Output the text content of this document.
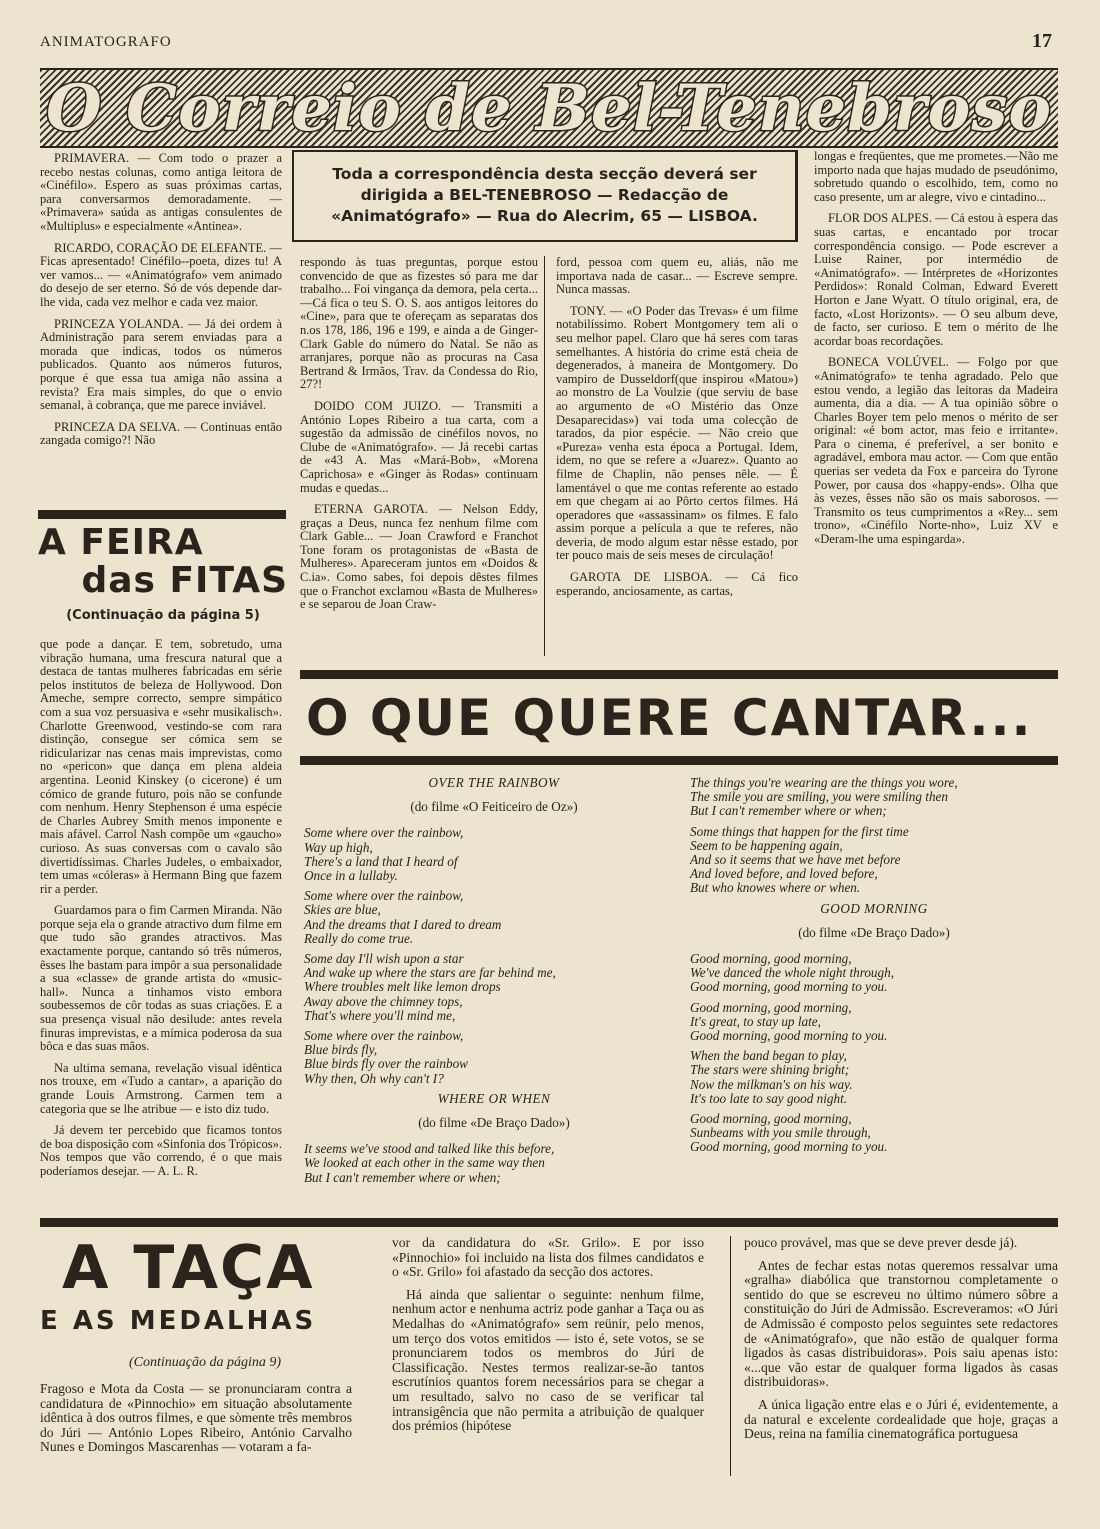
ANIMATOGRAFO	17
O Correio de Bel-Tenebroso
Toda a correspondência desta secção deverá ser dirigida a BEL-TENEBROSO — Redacção de «Animatógrafo» — Rua do Alecrim, 65 — LISBOA.

PRIMAVERA. — Com todo o prazer a recebo nestas colunas, como antiga leitora de «Cinéfilo». Espero as suas próximas cartas, para conversarmos demoradamente. — «Primavera» saúda as antigas consulentes de «Multiplus» e especialmente «Antinea».

RICARDO, CORAÇÃO DE ELEFANTE. — Ficas apresentado! Cinéfilo--poeta, dizes tu! A ver vamos... — «Animatógrafo» vem animado do desejo de ser eterno. Só de vós depende dar-lhe vida, cada vez melhor e cada vez maior.

PRINCEZA YOLANDA. — Já dei ordem à Administração para serem enviadas para a morada que indicas, todos os números publicados. Quanto aos números futuros, porque é que essa tua amiga não assina a revista? Era mais simples, do que o envio semanal, à cobrança, que me parece inviável.

PRINCEZA DA SELVA. — Continuas então zangada comigo?! Não

respondo às tuas preguntas, porque estou convencido de que as fizestes só para me dar trabalho... Foi vingança da demora, pela certa...—Cá fica o teu S. O. S. aos antigos leitores do «Cine», para que te ofereçam as separatas dos n.os 178, 186, 196 e 199, e ainda a de Ginger-Clark Gable do número do Natal. Se não as arranjares, porque não as procuras na Casa Bertrand & Irmãos, Trav. da Condessa do Rio, 27?!

DOIDO COM JUIZO. — Transmiti a António Lopes Ribeiro a tua carta, com a sugestão da admissão de cinéfilos novos, no Clube de «Animatógrafo». — Já recebi cartas de «43 A. Mas «Mará-Bob», «Morena Caprichosa» e «Ginger às Rodas» continuam mudas e quedas...

ETERNA GAROTA. — Nelson Eddy, graças a Deus, nunca fez nenhum filme com Clark Gable... — Joan Crawford e Franchot Tone foram os protagonistas de «Basta de Mulheres». Apareceram juntos em «Doidos & C.ia». Como sabes, foi depois dêstes filmes que o Franchot exclamou «Basta de Mulheres» e se separou de Joan Craw-

ford, pessoa com quem eu, aliás, não me importava nada de casar... — Escreve sempre. Nunca massas.

TONY. — «O Poder das Trevas» é um filme notabilíssimo. Robert Montgomery tem ali o seu melhor papel. Claro que há seres com taras semelhantes. A história do crime está cheia de degenerados, à maneira de Montgomery. Do vampiro de Dusseldorf(que inspirou «Matou») ao monstro de La Voulzie (que serviu de base ao argumento de «O Mistério das Onze Desaparecidas») vai toda uma colecção de tarados, da pior espécie. — Não creio que «Pureza» venha esta época a Portugal. Idem, idem, no que se refere a «Juarez». Quanto ao filme de Chaplin, não penses nêle. — É lamentável o que me contas referente ao estado em que chegam ai ao Pôrto certos filmes. Há operadores que «assassinam» os filmes. E falo assim porque a película a que te referes, não deveria, de modo algum estar nêsse estado, por ter pouco mais de seis meses de circulação!

GAROTA DE LISBOA. — Cá fico esperando, anciosamente, as cartas,

longas e freqüentes, que me prometes.—Não me importo nada que hajas mudado de pseudónimo, sobretudo quando o escolhido, tem, como no caso presente, um ar alegre, vivo e cintadino...

FLOR DOS ALPES. — Cá estou à espera das suas cartas, e encantado por trocar correspondência consigo. — Pode escrever a Luise Rainer, por intermédio de «Animatógrafo». — Intérpretes de «Horizontes Perdidos»: Ronald Colman, Edward Everett Horton e Jane Wyatt. O título original, era, de facto, «Lost Horizonts». — O seu album deve, de facto, ser curioso. E tem o mérito de lhe acordar boas recordações.

BONECA VOLÚVEL. — Folgo por que «Animatógrafo» te tenha agradado. Pelo que estou vendo, a legião das leitoras da Madeira aumenta, dia a dia. — A tua opinião sôbre o Charles Boyer tem pelo menos o mérito de ser original: «é bom actor, mas feio e irritante». Para o cinema, é preferível, a ser bonito e agradável, embora mau actor. — Com que então querias ser vedeta da Fox e parceira do Tyrone Power, por causa dos «happy-ends». Olha que às vezes, êsses não são os mais saborosos. — Transmito os teus cumprimentos a «Rey... sem trono», «Cinéfilo Norte-nho», Luiz XV e «Deram-lhe uma espingarda».

A FEIRA
das FITAS
(Continuação da página 5)

que pode a dançar. E tem, sobretudo, uma vibração humana, uma frescura natural que a destaca de tantas mulheres fabricadas em série pelos institutos de beleza de Hollywood. Don Ameche, sempre correcto, sempre simpático com a sua voz persuasiva e «sehr musikalisch». Charlotte Greenwood, vestindo-se com rara distinção, consegue ser cómica sem se ridicularizar nas cenas mais imprevistas, como no «pericon» que dança em plena aldeia argentina. Leonid Kinskey (o cicerone) é um cómico de grande futuro, pois não se confunde com nenhum. Henry Stephenson é uma espécie de Charles Aubrey Smith menos imponente e mais afável. Carrol Nash compõe um «gaucho» curioso. As suas conversas com o cavalo são divertidíssimas. Charles Judeles, o embaixador, tem umas «cóleras» à Hermann Bing que fazem rir a perder.

Guardamos para o fim Carmen Miranda. Não porque seja ela o grande atractivo dum filme em que tudo são grandes atractivos. Mas exactamente porque, cantando só três números, êsses lhe bastam para impôr a sua personalidade a sua «classe» de grande artista do «music-hall». Nunca a tinhamos visto embora soubessemos de côr todas as suas criações. E a sua presença visual não desilude: antes revela finuras imprevistas, e a mímica poderosa da sua bôca e das suas mãos.

Na ultima semana, revelação visual idêntica nos trouxe, em «Tudo a cantar», a aparição do grande Louis Armstrong. Carmen tem a categoria que se lhe atribue — e isto diz tudo.

Já devem ter percebido que ficamos tontos de boa disposição com «Sinfonia dos Trópicos». Nos tempos que vão correndo, é o que mais poderíamos desejar. — A. L. R.

O QUE QUERE CANTAR...
OVER THE RAINBOW
(do filme «O Feiticeiro de Oz»)
Some where over the rainbow,
Way up high,
There's a land that I heard of
Once in a lullaby.
Some where over the rainbow,
Skies are blue,
And the dreams that I dared to dream
Really do come true.
Some day I'll wish upon a star
And wake up where the stars are far behind me,
Where troubles melt like lemon drops
Away above the chimney tops,
That's where you'll mind me,
Some where over the rainbow,
Blue birds fly,
Blue birds fly over the rainbow
Why then, Oh why can't I?
WHERE OR WHEN
(do filme «De Braço Dado»)
It seems we've stood and talked like this before,
We looked at each other in the same way then
But I can't remember where or when;
The things you're wearing are the things you wore,
The smile you are smiling, you were smiling then
But I can't remember where or when;
Some things that happen for the first time
Seem to be happening again,
And so it seems that we have met before
And loved before, and loved before,
But who knowes where or when.
GOOD MORNING
(do filme «De Braço Dado»)
Good morning, good morning,
We've danced the whole night through,
Good morning, good morning to you.
Good morning, good morning,
It's great, to stay up late,
Good morning, good morning to you.
When the band began to play,
The stars were shining bright;
Now the milkman's on his way.
It's too late to say good night.
Good morning, good morning,
Sunbeams with you smile through,
Good morning, good morning to you.
A TAÇA
E AS MEDALHAS
(Continuação da página 9)

Fragoso e Mota da Costa — se pronunciaram contra a candidatura de «Pinnochio» em situação absolutamente idêntica à dos outros filmes, e que sòmente três membros do Júri — António Lopes Ribeiro, António Carvalho Nunes e Domingos Mascarenhas — votaram a fa-

vor da candidatura do «Sr. Grilo». E por isso «Pinnochio» foi incluido na lista dos filmes candidatos e o «Sr. Grilo» foi afastado da secção dos actores.

Há ainda que salientar o seguinte: nenhum filme, nenhum actor e nenhuma actriz pode ganhar a Taça ou as Medalhas do «Animatógrafo» sem reünir, pelo menos, um terço dos votos emitidos — isto é, sete votos, se se pronunciarem todos os membros do Júri de Classificação. Nestes termos realizar-se-ão tantos escrutínios quantos forem necessários para se chegar a um resultado, salvo no caso de se verificar tal intransigência que não permita a atribuição de qualquer dos prémios (hipótese

pouco provável, mas que se deve prever desde já).

Antes de fechar estas notas queremos ressalvar uma «gralha» diabólica que transtornou completamente o sentido do que se escreveu no último número sôbre a constituição do Júri de Admissão. Escreveramos: «O Júri de Admissão é composto pelos seguintes sete redactores de «Animatógrafo», que não estão de qualquer forma ligados às casas distribuidoras». Pois saiu apenas isto: «...que vão estar de qualquer forma ligados às casas distribuidoras».

A única ligação entre elas e o Júri é, evidentemente, a da natural e excelente cordealidade que hoje, graças a Deus, reina na família cinematográfica portuguesa
